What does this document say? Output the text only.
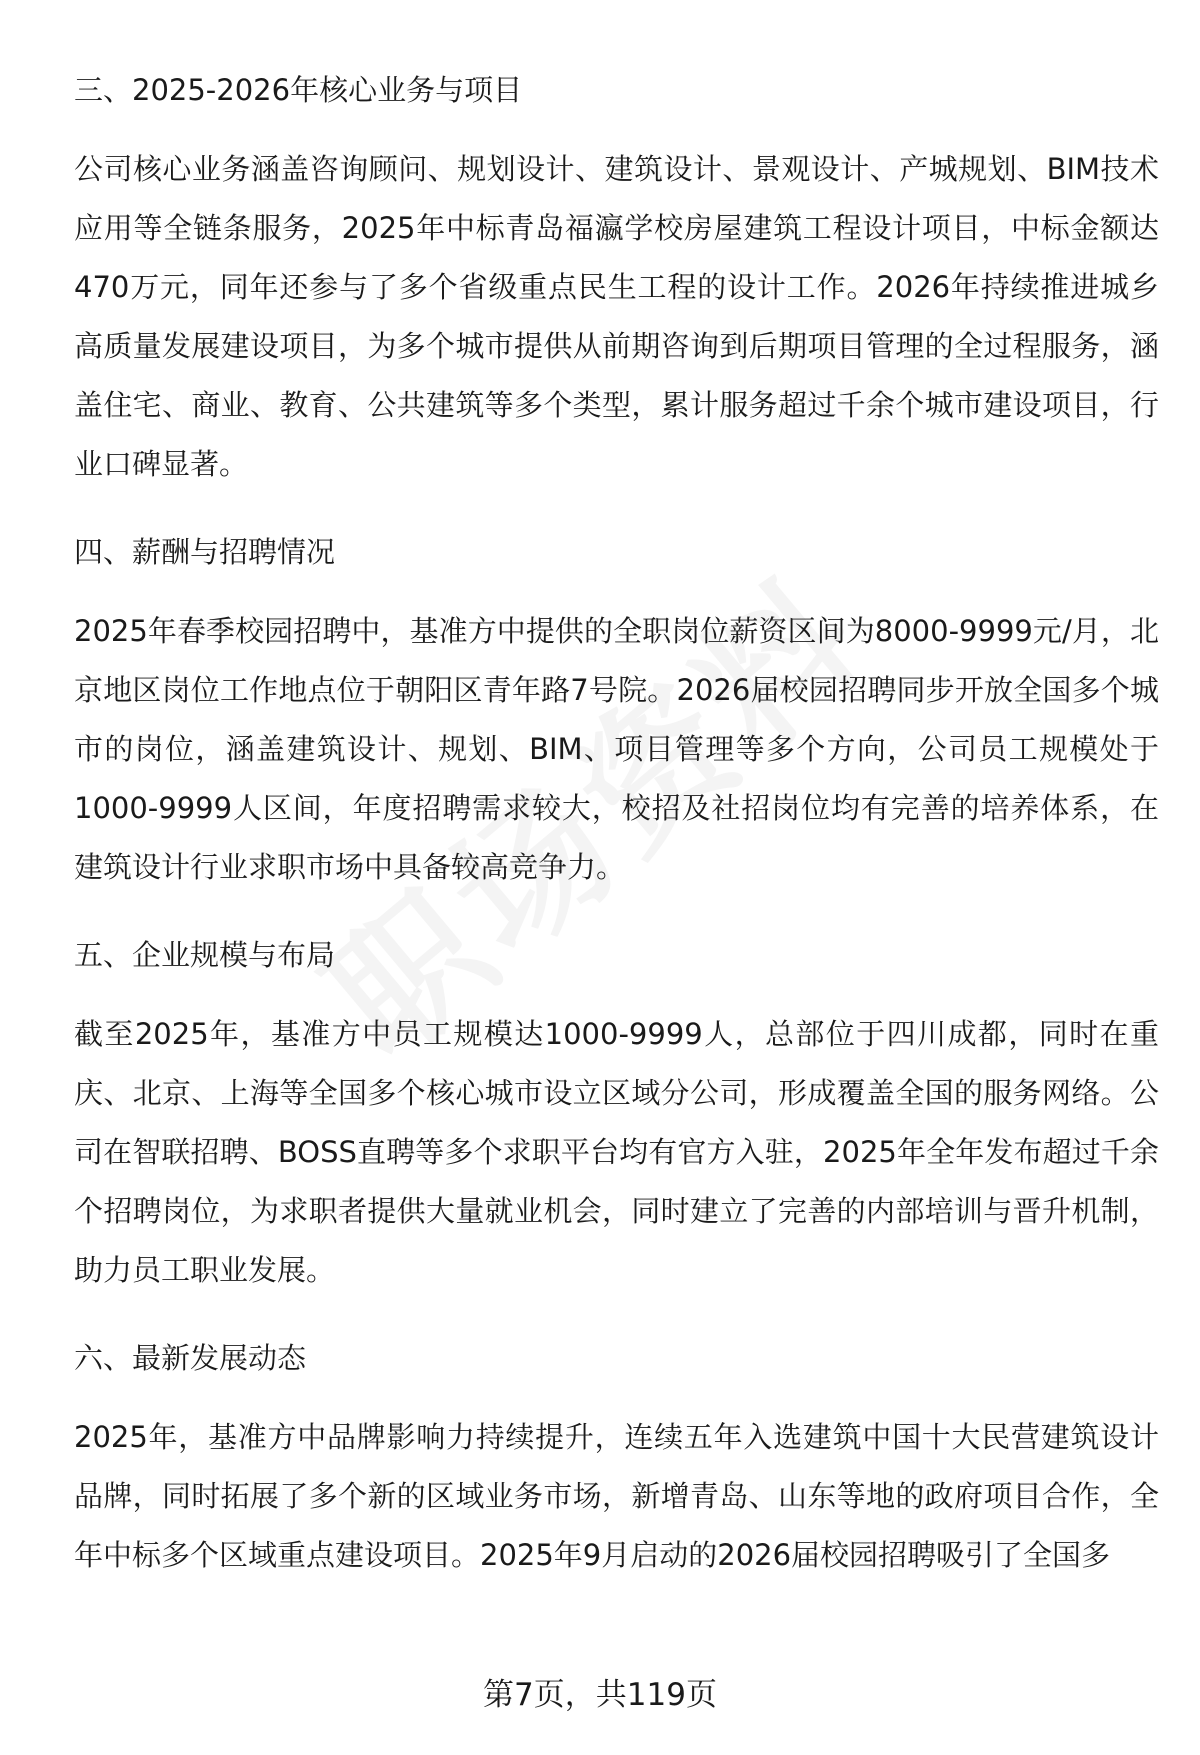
三、2025-2026年核心业务与项目

公司核心业务涵盖咨询顾问、规划设计、建筑设计、景观设计、产城规划、BIM技术应用等全链条服务，2025年中标青岛福瀛学校房屋建筑工程设计项目，中标金额达470万元，同年还参与了多个省级重点民生工程的设计工作。2026年持续推进城乡高质量发展建设项目，为多个城市提供从前期咨询到后期项目管理的全过程服务，涵盖住宅、商业、教育、公共建筑等多个类型，累计服务超过千余个城市建设项目，行业口碑显著。

四、薪酬与招聘情况

2025年春季校园招聘中，基准方中提供的全职岗位薪资区间为8000-9999元/月，北京地区岗位工作地点位于朝阳区青年路7号院。2026届校园招聘同步开放全国多个城市的岗位，涵盖建筑设计、规划、BIM、项目管理等多个方向，公司员工规模处于1000-9999人区间，年度招聘需求较大，校招及社招岗位均有完善的培养体系，在建筑设计行业求职市场中具备较高竞争力。

五、企业规模与布局

截至2025年，基准方中员工规模达1000-9999人，总部位于四川成都，同时在重庆、北京、上海等全国多个核心城市设立区域分公司，形成覆盖全国的服务网络。公司在智联招聘、BOSS直聘等多个求职平台均有官方入驻，2025年全年发布超过千余个招聘岗位，为求职者提供大量就业机会，同时建立了完善的内部培训与晋升机制，助力员工职业发展。

六、最新发展动态

2025年，基准方中品牌影响力持续提升，连续五年入选建筑中国十大民营建筑设计品牌，同时拓展了多个新的区域业务市场，新增青岛、山东等地的政府项目合作，全年中标多个区域重点建设项目。2025年9月启动的2026届校园招聘吸引了全国多

第7页，共119页
